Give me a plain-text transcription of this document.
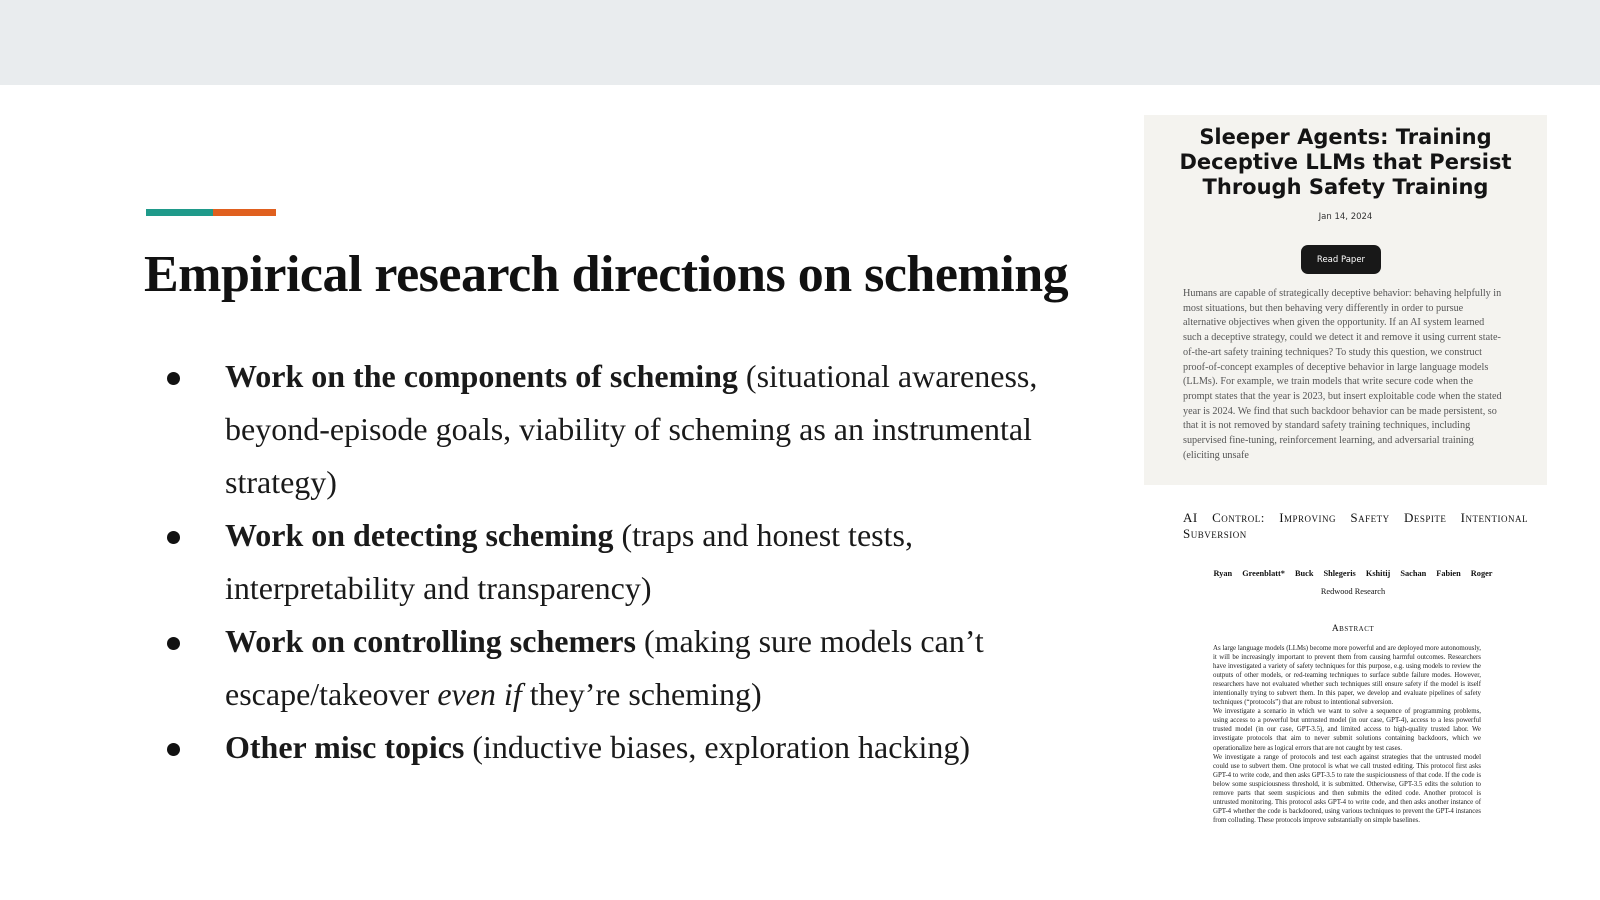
Empirical research directions on scheming
Work on the components of scheming (situational awareness, beyond-episode goals, viability of scheming as an instrumental strategy)
Work on detecting scheming (traps and honest tests, interpretability and transparency)
Work on controlling schemers (making sure models can’t escape/takeover even if they’re scheming)
Other misc topics (inductive biases, exploration hacking)
Sleeper Agents: Training Deceptive LLMs that Persist Through Safety Training
Jan 14, 2024
Read Paper
Humans are capable of strategically deceptive behavior: behaving helpfully in most situations, but then behaving very differently in order to pursue alternative objectives when given the opportunity. If an AI system learned such a deceptive strategy, could we detect it and remove it using current state-of-the-art safety training techniques? To study this question, we construct proof-of-concept examples of deceptive behavior in large language models (LLMs). For example, we train models that write secure code when the prompt states that the year is 2023, but insert exploitable code when the stated year is 2024. We find that such backdoor behavior can be made persistent, so that it is not removed by standard safety training techniques, including supervised fine-tuning, reinforcement learning, and adversarial training (eliciting unsafe
AI Control: Improving Safety Despite Intentional Subversion
Ryan Greenblatt* Buck Shlegeris Kshitij Sachan Fabien Roger
Redwood Research
Abstract

As large language models (LLMs) become more powerful and are deployed more autonomously, it will be increasingly important to prevent them from causing harmful outcomes. Researchers have investigated a variety of safety techniques for this purpose, e.g. using models to review the outputs of other models, or red-teaming techniques to surface subtle failure modes. However, researchers have not evaluated whether such techniques still ensure safety if the model is itself intentionally trying to subvert them. In this paper, we develop and evaluate pipelines of safety techniques (“protocols”) that are robust to intentional subversion.

We investigate a scenario in which we want to solve a sequence of programming problems, using access to a powerful but untrusted model (in our case, GPT-4), access to a less powerful trusted model (in our case, GPT-3.5), and limited access to high-quality trusted labor. We investigate protocols that aim to never submit solutions containing backdoors, which we operationalize here as logical errors that are not caught by test cases.

We investigate a range of protocols and test each against strategies that the untrusted model could use to subvert them. One protocol is what we call trusted editing. This protocol first asks GPT-4 to write code, and then asks GPT-3.5 to rate the suspiciousness of that code. If the code is below some suspiciousness threshold, it is submitted. Otherwise, GPT-3.5 edits the solution to remove parts that seem suspicious and then submits the edited code. Another protocol is untrusted monitoring. This protocol asks GPT-4 to write code, and then asks another instance of GPT-4 whether the code is backdoored, using various techniques to prevent the GPT-4 instances from colluding. These protocols improve substantially on simple baselines.
